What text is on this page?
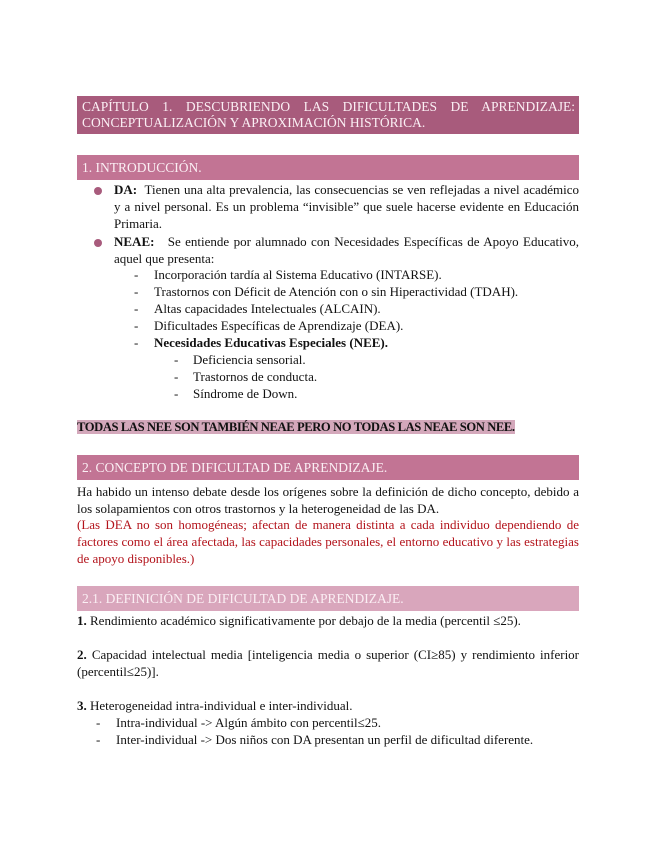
CAPÍTULO 1. DESCUBRIENDO LAS DIFICULTADES DE APRENDIZAJE: CONCEPTUALIZACIÓN Y APROXIMACIÓN HISTÓRICA.
1. INTRODUCCIÓN.
DA: Tienen una alta prevalencia, las consecuencias se ven reflejadas a nivel académico y a nivel personal. Es un problema “invisible” que suele hacerse evidente en Educación Primaria.
NEAE: Se entiende por alumnado con Necesidades Específicas de Apoyo Educativo, aquel que presenta:
- Incorporación tardía al Sistema Educativo (INTARSE).
- Trastornos con Déficit de Atención con o sin Hiperactividad (TDAH).
- Altas capacidades Intelectuales (ALCAIN).
- Dificultades Específicas de Aprendizaje (DEA).
- Necesidades Educativas Especiales (NEE).
- Deficiencia sensorial.
- Trastornos de conducta.
- Síndrome de Down.
TODAS LAS NEE SON TAMBIÉN NEAE PERO NO TODAS LAS NEAE SON NEE.
2. CONCEPTO DE DIFICULTAD DE APRENDIZAJE.
Ha habido un intenso debate desde los orígenes sobre la definición de dicho concepto, debido a los solapamientos con otros trastornos y la heterogeneidad de las DA.
(Las DEA no son homogéneas; afectan de manera distinta a cada individuo dependiendo de factores como el área afectada, las capacidades personales, el entorno educativo y las estrategias de apoyo disponibles.)
2.1. DEFINICIÓN DE DIFICULTAD DE APRENDIZAJE.
1. Rendimiento académico significativamente por debajo de la media (percentil ≤25).
2. Capacidad intelectual media [inteligencia media o superior (CI≥85) y rendimiento inferior (percentil≤25)].
3. Heterogeneidad intra-individual e inter-individual.
- Intra-individual -> Algún ámbito con percentil≤25.
- Inter-individual -> Dos niños con DA presentan un perfil de dificultad diferente.
